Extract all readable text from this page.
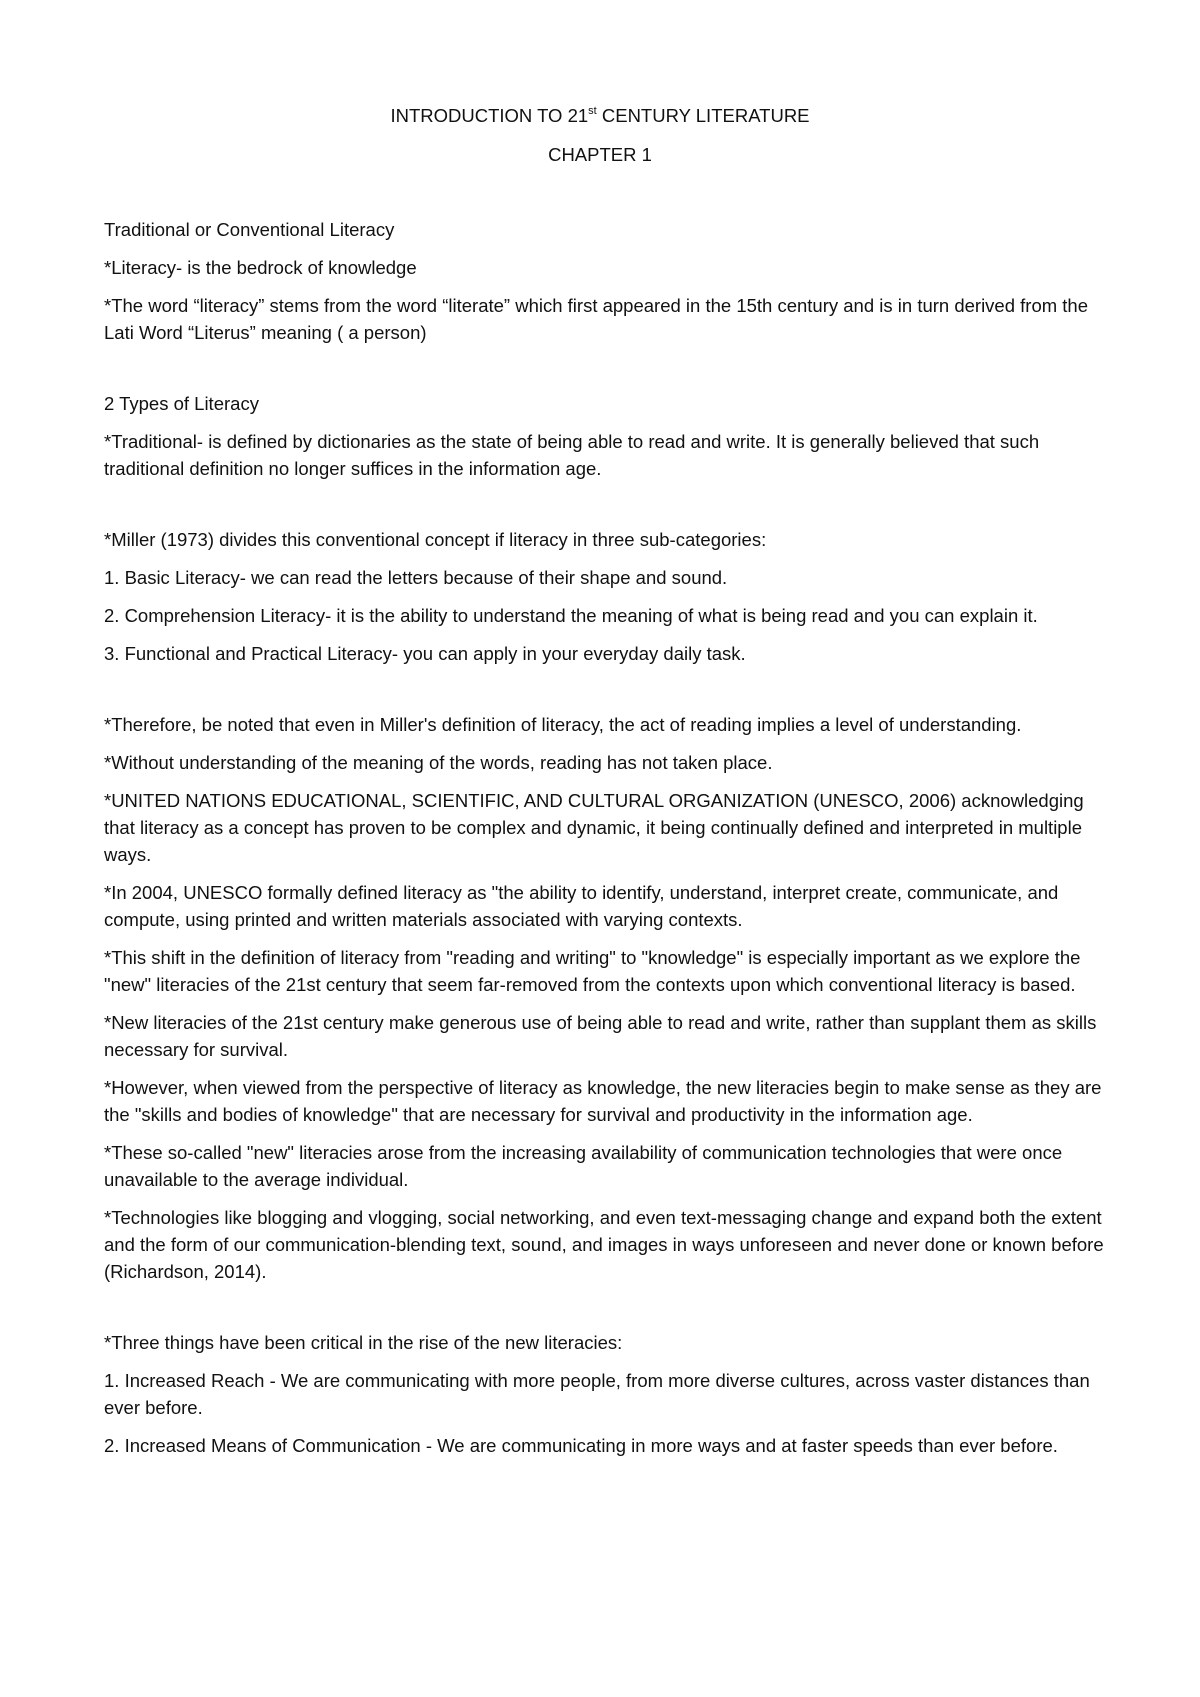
INTRODUCTION TO 21st CENTURY LITERATURE
CHAPTER 1

Traditional or Conventional Literacy

*Literacy- is the bedrock of knowledge

*The word “literacy” stems from the word “literate” which first appeared in the 15th century and is in turn derived from the Lati Word “Literus” meaning ( a person)

2 Types of Literacy

*Traditional- is defined by dictionaries as the state of being able to read and write. It is generally believed that such traditional definition no longer suffices in the information age.

*Miller (1973) divides this conventional concept if literacy in three sub-categories:

1. Basic Literacy- we can read the letters because of their shape and sound.

2. Comprehension Literacy- it is the ability to understand the meaning of what is being read and you can explain it.

3. Functional and Practical Literacy- you can apply in your everyday daily task.

*Therefore, be noted that even in Miller's definition of literacy, the act of reading implies a level of understanding.

*Without understanding of the meaning of the words, reading has not taken place.

*UNITED NATIONS EDUCATIONAL, SCIENTIFIC, AND CULTURAL ORGANIZATION (UNESCO, 2006) acknowledging that literacy as a concept has proven to be complex and dynamic, it being continually defined and interpreted in multiple ways.

*In 2004, UNESCO formally defined literacy as "the ability to identify, understand, interpret create, communicate, and compute, using printed and written materials associated with varying contexts.

*This shift in the definition of literacy from "reading and writing" to "knowledge" is especially important as we explore the "new" literacies of the 21st century that seem far-removed from the contexts upon which conventional literacy is based.

*New literacies of the 21st century make generous use of being able to read and write, rather than supplant them as skills necessary for survival.

*However, when viewed from the perspective of literacy as knowledge, the new literacies begin to make sense as they are the "skills and bodies of knowledge" that are necessary for survival and productivity in the information age.

*These so-called "new" literacies arose from the increasing availability of communication technologies that were once unavailable to the average individual.

*Technologies like blogging and vlogging, social networking, and even text-messaging change and expand both the extent and the form of our communication-blending text, sound, and images in ways unforeseen and never done or known before (Richardson, 2014).

*Three things have been critical in the rise of the new literacies:

1. Increased Reach - We are communicating with more people, from more diverse cultures, across vaster distances than ever before.

2. Increased Means of Communication - We are communicating in more ways and at faster speeds than ever before.
